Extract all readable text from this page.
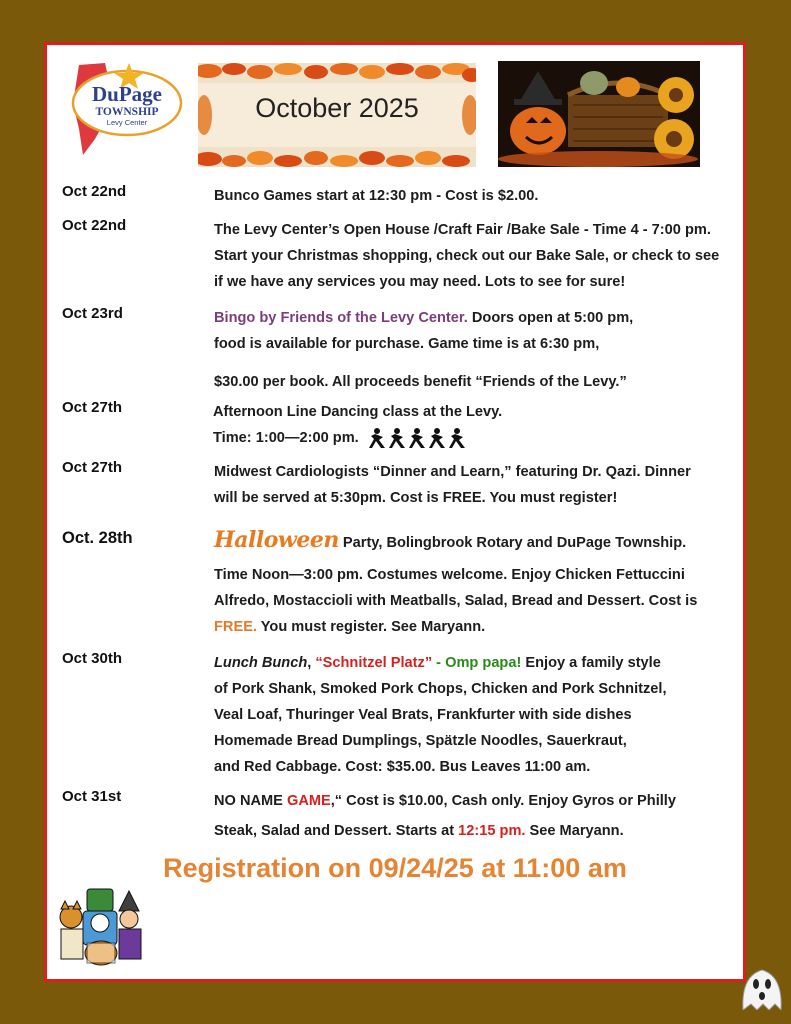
DuPage
TOWNSHIP
Levy Center	October 2025
Oct 22nd	Bunco Games start at 12:30 pm - Cost is $2.00.
Oct 22nd	The Levy Center’s Open House /Craft Fair /Bake Sale - Time 4 - 7:00 pm.
Start your Christmas shopping, check out our Bake Sale, or check to see
if we have any services you may need. Lots to see for sure!
Oct 23rd	Bingo by Friends of the Levy Center. Doors open at 5:00 pm,
food is available for purchase. Game time is at 6:30 pm,
$30.00 per book. All proceeds benefit “Friends of the Levy.”
Oct 27th	Afternoon Line Dancing class at the Levy.
Time: 1:00—2:00 pm.
Oct 27th	Midwest Cardiologists “Dinner and Learn,” featuring Dr. Qazi. Dinner
will be served at 5:30pm. Cost is FREE. You must register!
Oct. 28th	Halloween Party, Bolingbrook Rotary and DuPage Township.
Time Noon—3:00 pm. Costumes welcome. Enjoy Chicken Fettuccini
Alfredo, Mostaccioli with Meatballs, Salad, Bread and Dessert. Cost is
FREE. You must register. See Maryann.
Oct 30th	Lunch Bunch, “Schnitzel Platz” - Omp papa! Enjoy a family style
of Pork Shank, Smoked Pork Chops, Chicken and Pork Schnitzel,
Veal Loaf, Thuringer Veal Brats, Frankfurter with side dishes
Homemade Bread Dumplings, Spätzle Noodles, Sauerkraut,
and Red Cabbage. Cost: $35.00. Bus Leaves 11:00 am.
Oct 31st	NO NAME GAME,“ Cost is $10.00, Cash only. Enjoy Gyros or Philly
Steak, Salad and Dessert. Starts at 12:15 pm. See Maryann.
Registration on 09/24/25 at 11:00 am
